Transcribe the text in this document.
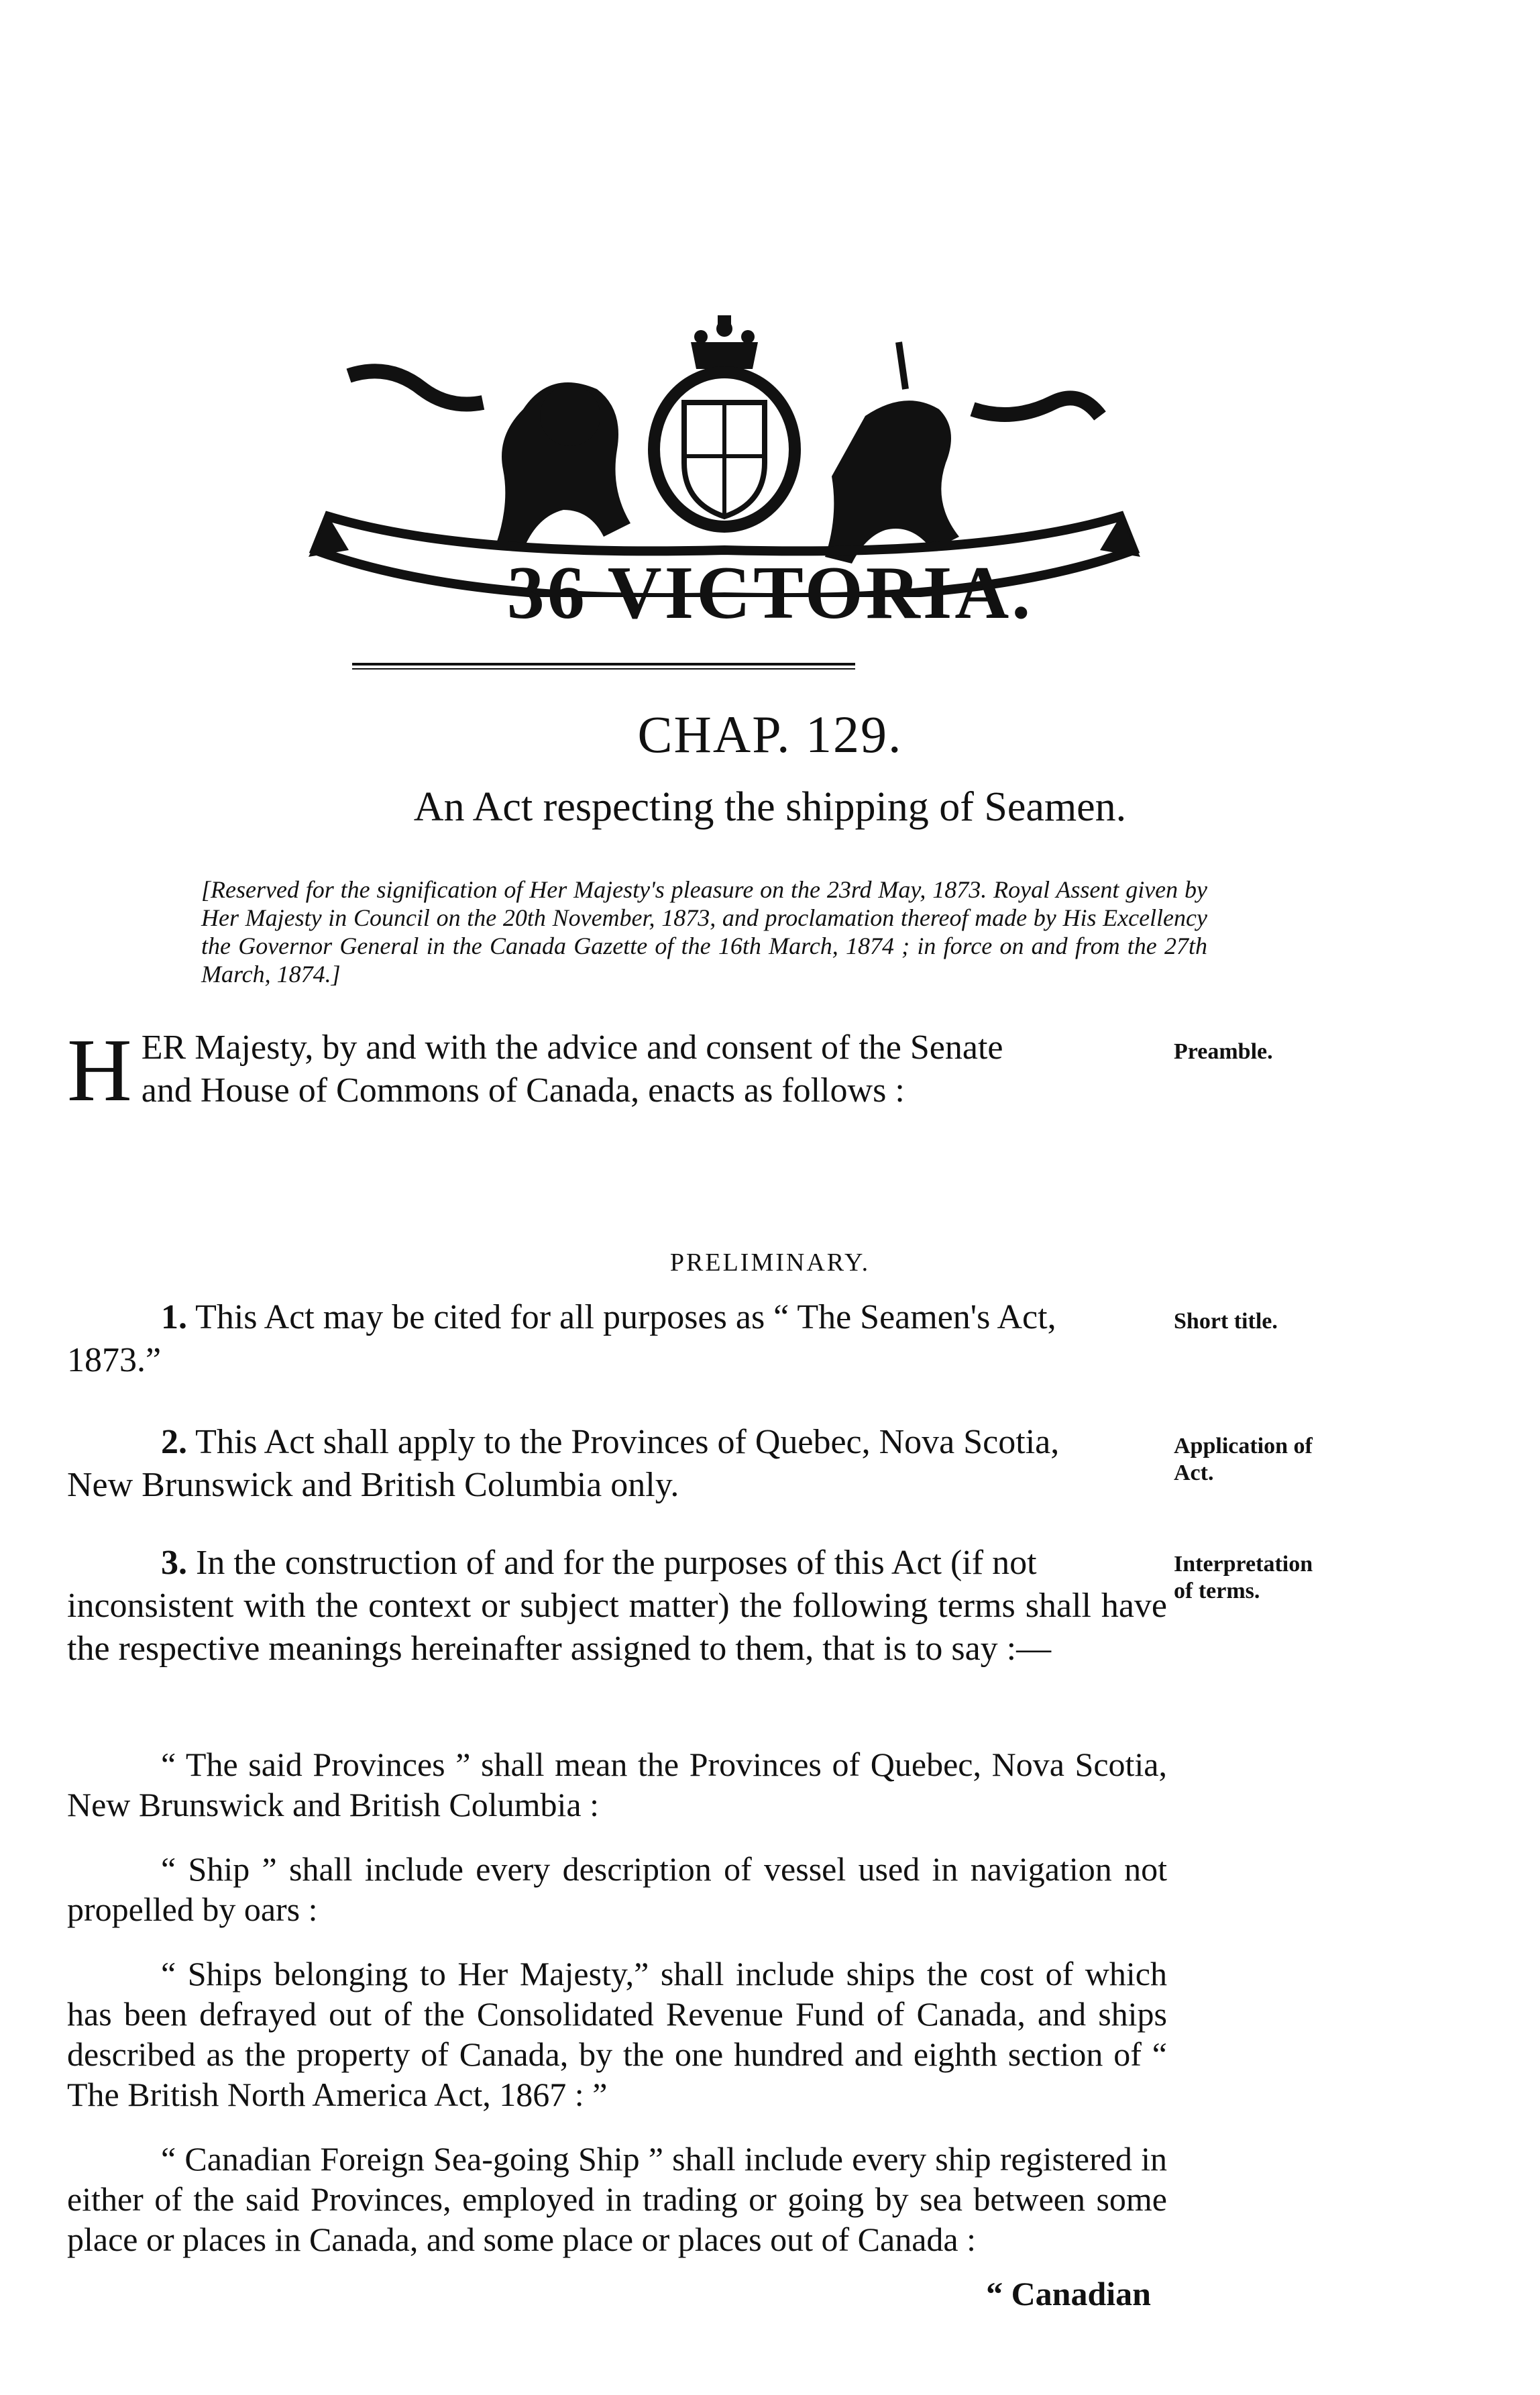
36 VICTORIA.
CHAP. 129.
An Act respecting the shipping of Seamen.
[Reserved for the signification of Her Majesty's pleasure on the 23rd May, 1873. Royal Assent given by Her Majesty in Council on the 20th November, 1873, and proclamation thereof made by His Excellency the Governor General in the Canada Gazette of the 16th March, 1874 ; in force on and from the 27th March, 1874.]
H ER Majesty, by and with the advice and consent of the Senate
and House of Commons of Canada, enacts as follows :
Preamble.
PRELIMINARY.
1. This Act may be cited for all purposes as “ The Seamen's Act,
1873.”
Short title.
2. This Act shall apply to the Provinces of Quebec, Nova Scotia,
New Brunswick and British Columbia only.
Application of Act.
3. In the construction of and for the purposes of this Act (if not
inconsistent with the context or subject matter) the following terms shall have the respective meanings hereinafter assigned to them, that is to say :—
Interpretation of terms.
“ The said Provinces ” shall mean the Provinces of Quebec, Nova Scotia, New Brunswick and British Columbia :
“ Ship ” shall include every description of vessel used in navigation not propelled by oars :
“ Ships belonging to Her Majesty,” shall include ships the cost of which has been defrayed out of the Consolidated Revenue Fund of Canada, and ships described as the property of Canada, by the one hundred and eighth section of “ The British North America Act, 1867 : ”
“ Canadian
“ Canadian Foreign Sea-going Ship ” shall include every ship registered in either of the said Provinces, employed in trading or going by sea between some place or places in Canada, and some place or places out of Canada :
